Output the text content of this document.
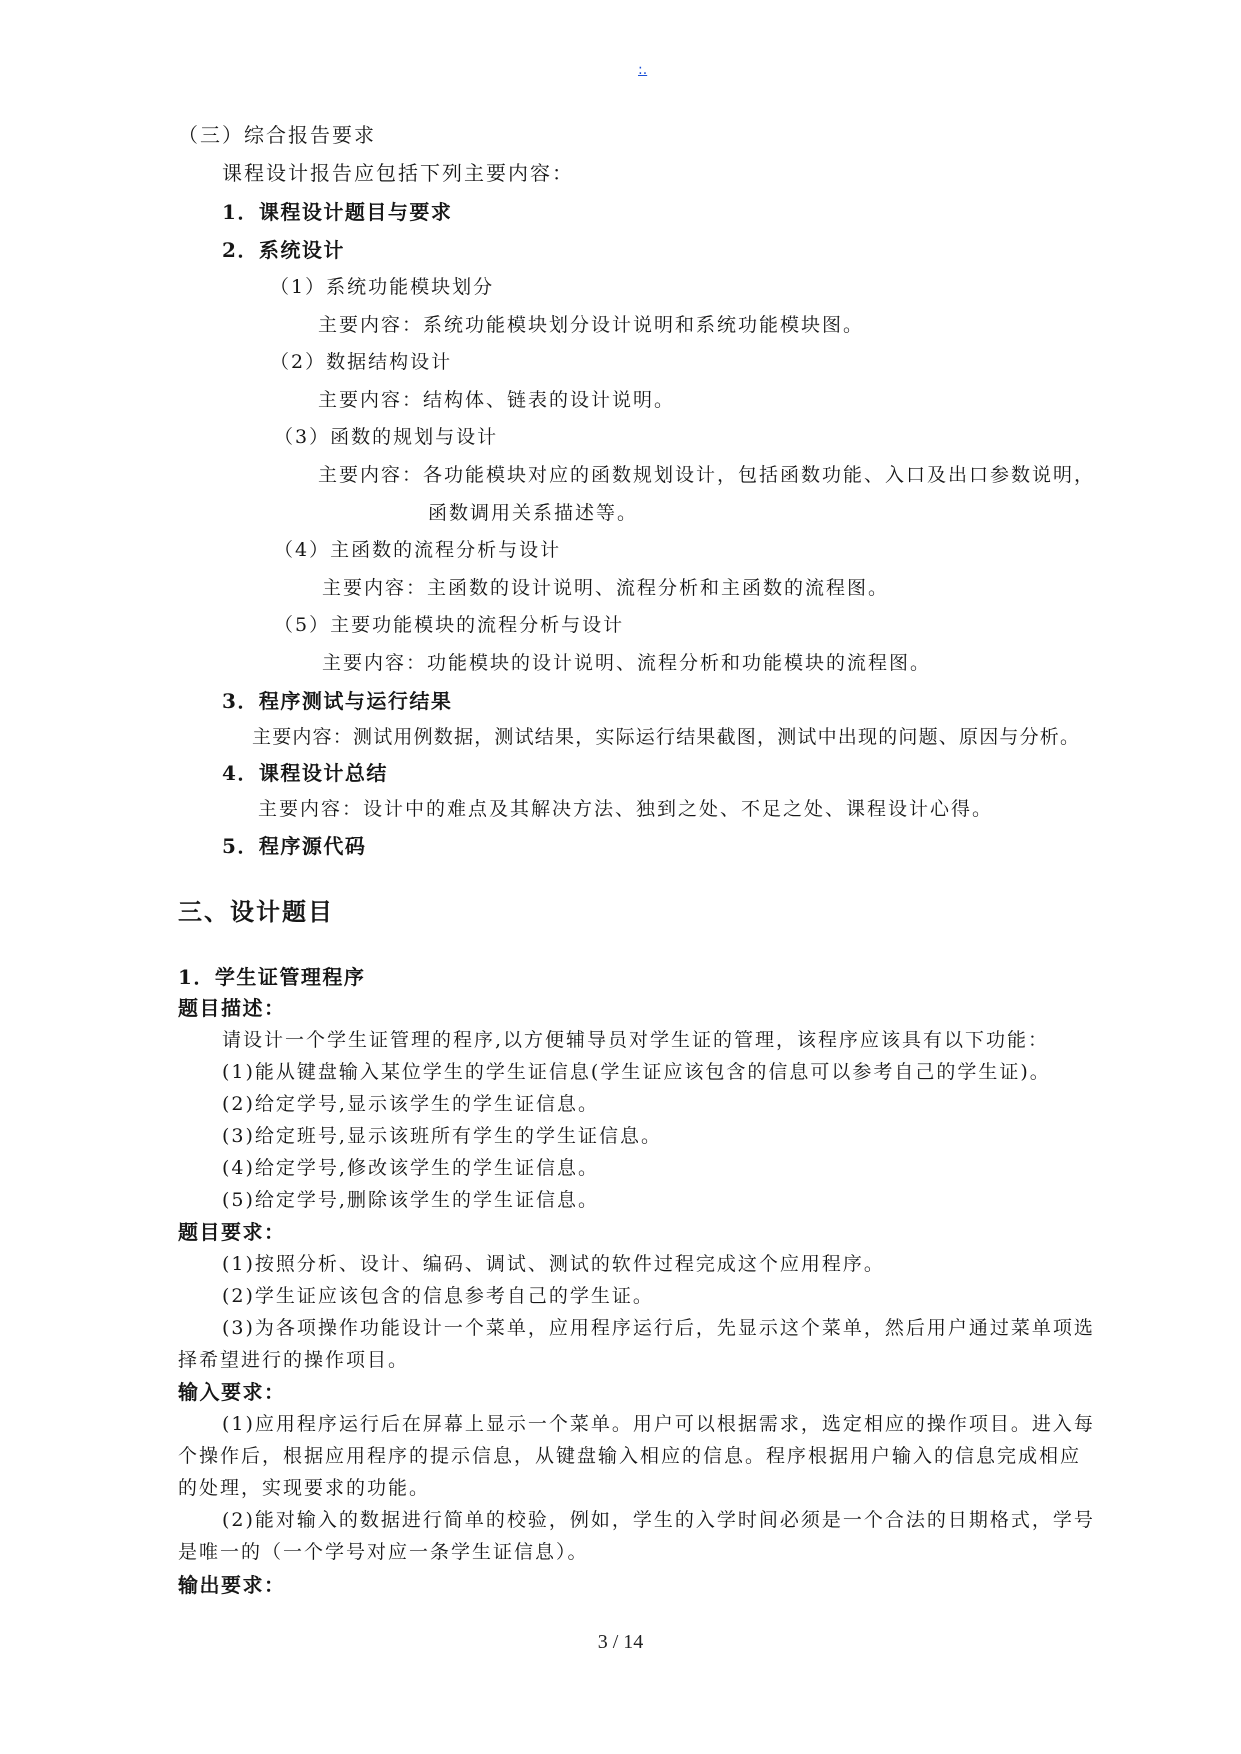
:.
（三）综合报告要求
课程设计报告应包括下列主要内容：
1．课程设计题目与要求
2．系统设计
（1）系统功能模块划分
主要内容：系统功能模块划分设计说明和系统功能模块图。
（2）数据结构设计
主要内容：结构体、链表的设计说明。
（3）函数的规划与设计
主要内容：各功能模块对应的函数规划设计，包括函数功能、入口及出口参数说明，
函数调用关系描述等。
（4）主函数的流程分析与设计
主要内容：主函数的设计说明、流程分析和主函数的流程图。
（5）主要功能模块的流程分析与设计
主要内容：功能模块的设计说明、流程分析和功能模块的流程图。
3．程序测试与运行结果
主要内容：测试用例数据，测试结果，实际运行结果截图，测试中出现的问题、原因与分析。
4．课程设计总结
主要内容：设计中的难点及其解决方法、独到之处、不足之处、课程设计心得。
5．程序源代码
三、设计题目
1．学生证管理程序
题目描述：
请设计一个学生证管理的程序,以方便辅导员对学生证的管理，该程序应该具有以下功能：
(1)能从键盘输入某位学生的学生证信息(学生证应该包含的信息可以参考自己的学生证)。
(2)给定学号,显示该学生的学生证信息。
(3)给定班号,显示该班所有学生的学生证信息。
(4)给定学号,修改该学生的学生证信息。
(5)给定学号,删除该学生的学生证信息。
题目要求：
(1)按照分析、设计、编码、调试、测试的软件过程完成这个应用程序。
(2)学生证应该包含的信息参考自己的学生证。
(3)为各项操作功能设计一个菜单，应用程序运行后，先显示这个菜单，然后用户通过菜单项选
择希望进行的操作项目。
输入要求：
(1)应用程序运行后在屏幕上显示一个菜单。用户可以根据需求，选定相应的操作项目。进入每
个操作后，根据应用程序的提示信息，从键盘输入相应的信息。程序根据用户输入的信息完成相应
的处理，实现要求的功能。
(2)能对输入的数据进行简单的校验，例如，学生的入学时间必须是一个合法的日期格式，学号
是唯一的（一个学号对应一条学生证信息）。
输出要求：
3 / 14
